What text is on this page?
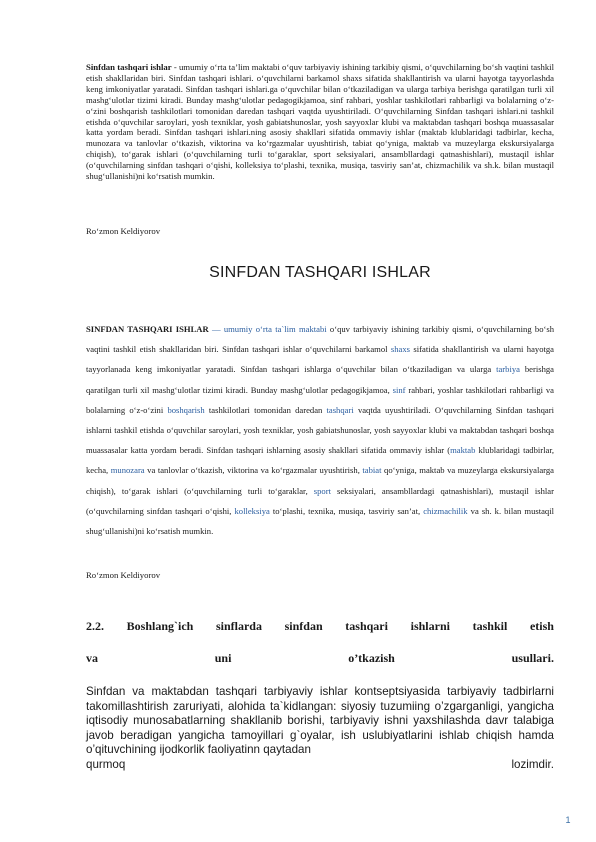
Sinfdan tashqari ishlar - umumiy o‘rta ta’lim maktabi o‘quv tarbiyaviy ishining tarkibiy qismi, o‘quvchilarning bo‘sh vaqtini tashkil etish shakllaridan biri. Sinfdan tashqari ishlari. o‘quvchilarni barkamol shaxs sifatida shakllantirish va ularni hayotga tayyorlashda keng imkoniyatlar yaratadi. Sinfdan tashqari ishlari.ga o‘quvchilar bilan o‘tkaziladigan va ularga tarbiya berishga qaratilgan turli xil mashg‘ulotlar tizimi kiradi. Bunday mashg‘ulotlar pedagogikjamoa, sinf rahbari, yoshlar tashkilotlari rahbarligi va bolalarning o‘z-o‘zini boshqarish tashkilotlari tomonidan daredan tashqari vaqtda uyushtiriladi. O‘quvchilarning Sinfdan tashqari ishlari.ni tashkil etishda o‘quvchilar saroylari, yosh texniklar, yosh gabiatshunoslar, yosh sayyoxlar klubi va maktabdan tashqari boshqa muassasalar katta yordam beradi. Sinfdan tashqari ishlari.ning asosiy shakllari sifatida ommaviy ishlar (maktab klublaridagi tadbirlar, kecha, munozara va tanlovlar o‘tkazish, viktorina va ko‘rgazmalar uyushtirish, tabiat qo‘yniga, maktab va muzeylarga ekskursiyalarga chiqish), to‘garak ishlari (o‘quvchilarning turli to‘garaklar, sport seksiyalari, ansambllardagi qatnashishlari), mustaqil ishlar (o‘quvchilarning sinfdan tashqari o‘qishi, kolleksiya to‘plashi, texnika, musiqa, tasviriy san’at, chizmachilik va sh.k. bilan mustaqil shug‘ullanishi)ni ko‘rsatish mumkin.

Ro‘zmon Keldiyorov

SINFDAN TASHQARI ISHLAR

SINFDAN TASHQARI ISHLAR — umumiy o‘rta ta`lim maktabi o‘quv tarbiyaviy ishining tarkibiy qismi, o‘quvchilarning bo‘sh vaqtini tashkil etish shakllaridan biri. Sinfdan tashqari ishlar o‘quvchilarni barkamol shaxs sifatida shakllantirish va ularni hayotga tayyorlanada keng imkoniyatlar yaratadi. Sinfdan tashqari ishlarga o‘quvchilar bilan o‘tkaziladigan va ularga tarbiya berishga qaratilgan turli xil mashg‘ulotlar tizimi kiradi. Bunday mashg‘ulotlar pedagogikjamoa, sinf rahbari, yoshlar tashkilotlari rahbarligi va bolalarning o‘z-o‘zini boshqarish tashkilotlari tomonidan daredan tashqari vaqtda uyushtiriladi. O‘quvchilarning Sinfdan tashqari ishlarni tashkil etishda o‘quvchilar saroylari, yosh texniklar, yosh gabiatshunoslar, yosh sayyoxlar klubi va maktabdan tashqari boshqa muassasalar katta yordam beradi. Sinfdan tashqari ishlarning asosiy shakllari sifatida ommaviy ishlar (maktab klublaridagi tadbirlar, kecha, munozara va tanlovlar o‘tkazish, viktorina va ko‘rgazmalar uyushtirish, tabiat qo‘yniga, maktab va muzeylarga ekskursiyalarga chiqish), to‘garak ishlari (o‘quvchilarning turli to‘garaklar, sport seksiyalari, ansambllardagi qatnashishlari), mustaqil ishlar (o‘quvchilarning sinfdan tashqari o‘qishi, kolleksiya to‘plashi, texnika, musiqa, tasviriy san’at, chizmachilik va sh. k. bilan mustaqil shug‘ullanishi)ni ko‘rsatish mumkin.

Ro‘zmon Keldiyorov

2.2. Boshlang`ich sinflarda sinfdan tashqari ishlarni tashkil etish
va	uni	o’tkazish	usullari.

Sinfdan va maktabdan tashqari tarbiyaviy ishlar kontseptsiyasida tarbiyaviy tadbirlarni takomillashtirish zaruriyati, alohida ta`kidlangan: siyosiy tuzumiing o’zgarganligi, yangicha iqtisodiy munosabatlarning shakllanib borishi, tarbiyaviy ishni yaxshilashda davr talabiga javob beradigan yangicha tamoyillari g`oyalar, ish uslubiyatlarini ishlab chiqish hamda o’qituvchining ijodkorlik faoliyatinn qaytadan
qurmoq	lozimdir.

1
